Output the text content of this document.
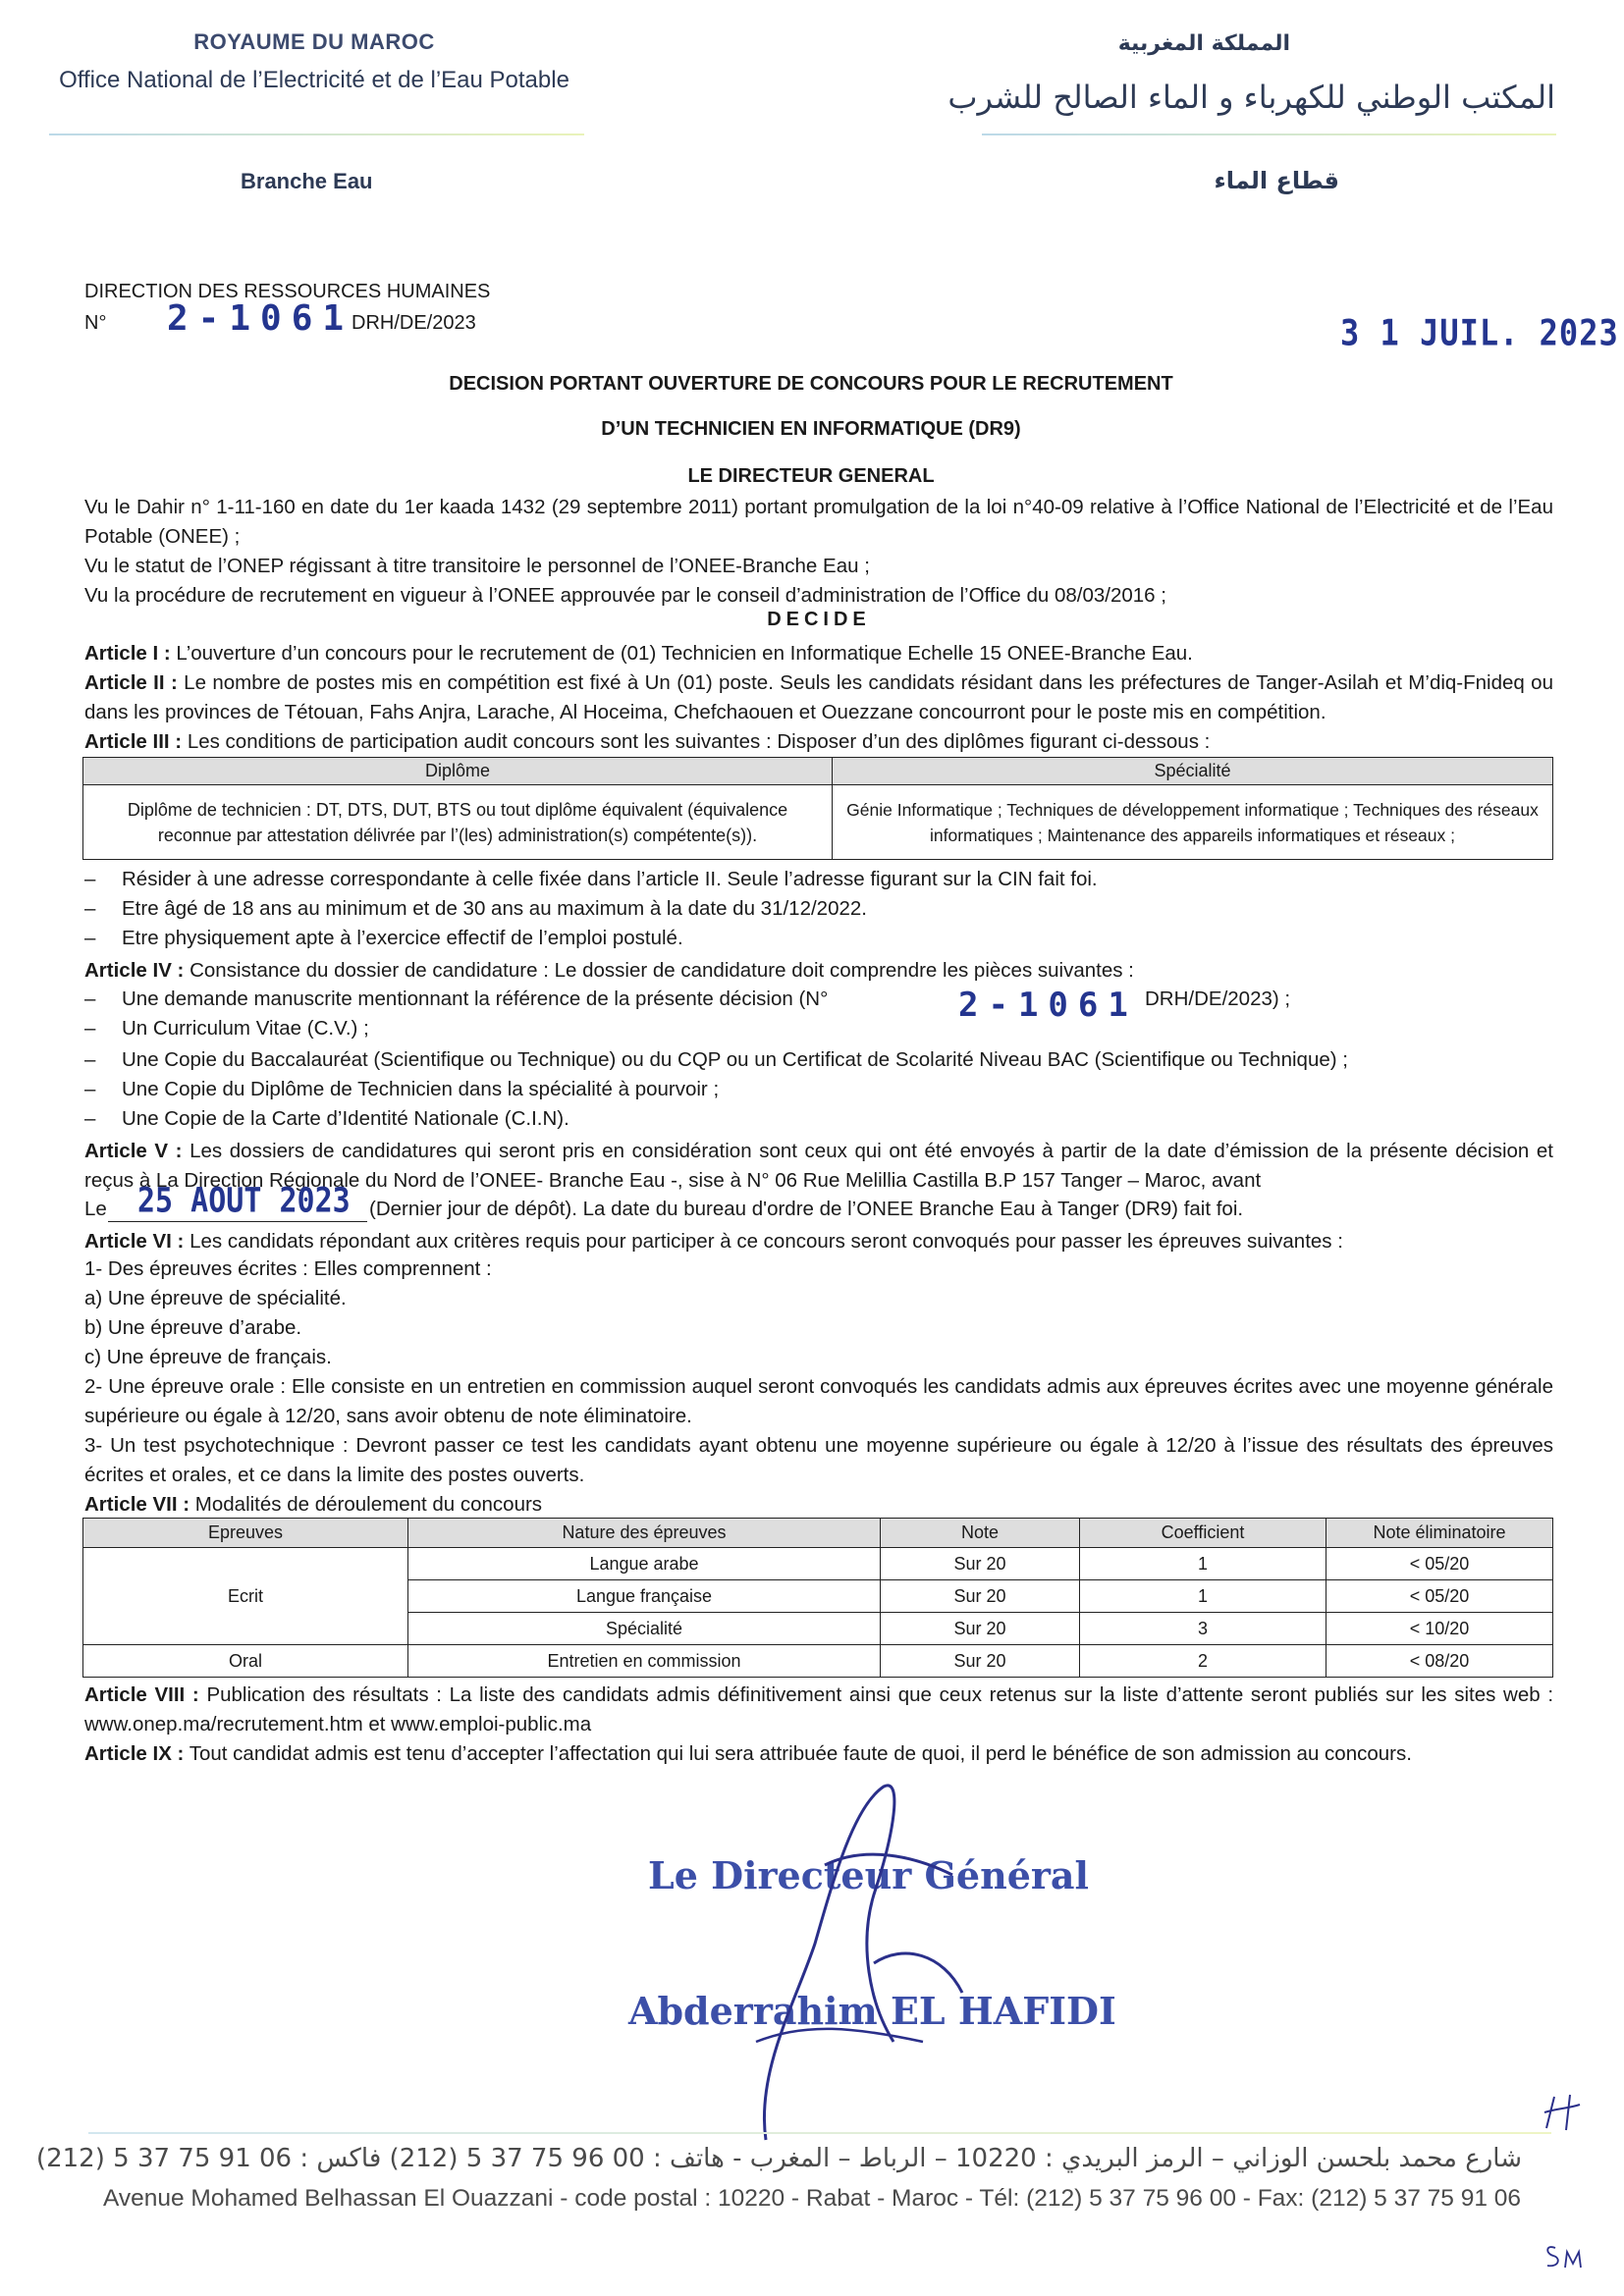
ROYAUME DU MAROC
Office National de l’Electricité et de l’Eau Potable
Branche Eau
المملكة المغربية
المكتب الوطني للكهرباء و الماء الصالح للشرب
قطاع الماء
DIRECTION DES RESSOURCES HUMAINES
N° 2-1061
DRH/DE/2023	3 1 JUIL. 2023
DECISION PORTANT OUVERTURE DE CONCOURS POUR LE RECRUTEMENT
D’UN TECHNICIEN EN INFORMATIQUE (DR9)
LE DIRECTEUR GENERAL
Vu le Dahir n° 1-11-160 en date du 1er kaada 1432 (29 septembre 2011) portant promulgation de la loi n°40-09 relative à l’Office National de l’Electricité et de l’Eau Potable (ONEE) ;
Vu le statut de l’ONEP régissant à titre transitoire le personnel de l’ONEE-Branche Eau ;
Vu la procédure de recrutement en vigueur à l’ONEE approuvée par le conseil d’administration de l’Office du 08/03/2016 ;
DECIDE
Article I : L’ouverture d’un concours pour le recrutement de (01) Technicien en Informatique Echelle 15 ONEE-Branche Eau.
Article II : Le nombre de postes mis en compétition est fixé à Un (01) poste. Seuls les candidats résidant dans les préfectures de Tanger-Asilah et M’diq-Fnideq ou dans les provinces de Tétouan, Fahs Anjra, Larache, Al Hoceima, Chefchaouen et Ouezzane concourront pour le poste mis en compétition.
Article III : Les conditions de participation audit concours sont les suivantes : Disposer d’un des diplômes figurant ci-dessous :
Diplôme	Spécialité
Diplôme de technicien : DT, DTS, DUT, BTS ou tout diplôme équivalent (équivalence reconnue par attestation délivrée par l’(les) administration(s) compétente(s)).	Génie Informatique ; Techniques de développement informatique ; Techniques des réseaux informatiques ; Maintenance des appareils informatiques et réseaux ;
– Résider à une adresse correspondante à celle fixée dans l’article II. Seule l’adresse figurant sur la CIN fait foi.
– Etre âgé de 18 ans au minimum et de 30 ans au maximum à la date du 31/12/2022.
– Etre physiquement apte à l’exercice effectif de l’emploi postulé.
Article IV : Consistance du dossier de candidature : Le dossier de candidature doit comprendre les pièces suivantes :
– Une demande manuscrite mentionnant la référence de la présente décision (N°	2-1061 DRH/DE/2023) ;
– Un Curriculum Vitae (C.V.) ;
– Une Copie du Baccalauréat (Scientifique ou Technique) ou du CQP ou un Certificat de Scolarité Niveau BAC (Scientifique ou Technique) ;
– Une Copie du Diplôme de Technicien dans la spécialité à pourvoir ;
– Une Copie de la Carte d’Identité Nationale (C.I.N).
Article V : Les dossiers de candidatures qui seront pris en considération sont ceux qui ont été envoyés à partir de la date d’émission de la présente décision et reçus à La Direction Régionale du Nord de l’ONEE- Branche Eau -, sise à N° 06 Rue Melillia Castilla B.P 157 Tanger – Maroc, avant
Le 25 AOUT 2023 (Dernier jour de dépôt). La date du bureau d'ordre de l’ONEE Branche Eau à Tanger (DR9) fait foi.
Article VI : Les candidats répondant aux critères requis pour participer à ce concours seront convoqués pour passer les épreuves suivantes :
1- Des épreuves écrites : Elles comprennent :
a) Une épreuve de spécialité.
b) Une épreuve d’arabe.
c) Une épreuve de français.
2- Une épreuve orale : Elle consiste en un entretien en commission auquel seront convoqués les candidats admis aux épreuves écrites avec une moyenne générale supérieure ou égale à 12/20, sans avoir obtenu de note éliminatoire.
3- Un test psychotechnique : Devront passer ce test les candidats ayant obtenu une moyenne supérieure ou égale à 12/20 à l’issue des résultats des épreuves écrites et orales, et ce dans la limite des postes ouverts.
Article VII : Modalités de déroulement du concours
Epreuves	Nature des épreuves	Note	Coefficient	Note éliminatoire
Ecrit	Langue arabe	Sur 20	1	< 05/20
	Langue française	Sur 20	1	< 05/20
	Spécialité	Sur 20	3	< 10/20
Oral	Entretien en commission	Sur 20	2	< 08/20
Article VIII : Publication des résultats : La liste des candidats admis définitivement ainsi que ceux retenus sur la liste d’attente seront publiés sur les sites web : www.onep.ma/recrutement.htm et www.emploi-public.ma
Article IX : Tout candidat admis est tenu d’accepter l’affectation qui lui sera attribuée faute de quoi, il perd le bénéfice de son admission au concours.
Le Directeur Général
Abderrahim EL HAFIDI
شارع محمد بلحسن الوزاني – الرمز البريدي : 10220 – الرباط – المغرب - هاتف : 00 96 75 37 5 (212) فاكس : 06 91 75 37 5 (212)
Avenue Mohamed Belhassan El Ouazzani - code postal : 10220 - Rabat - Maroc - Tél: (212) 5 37 75 96 00 - Fax: (212) 5 37 75 91 06
